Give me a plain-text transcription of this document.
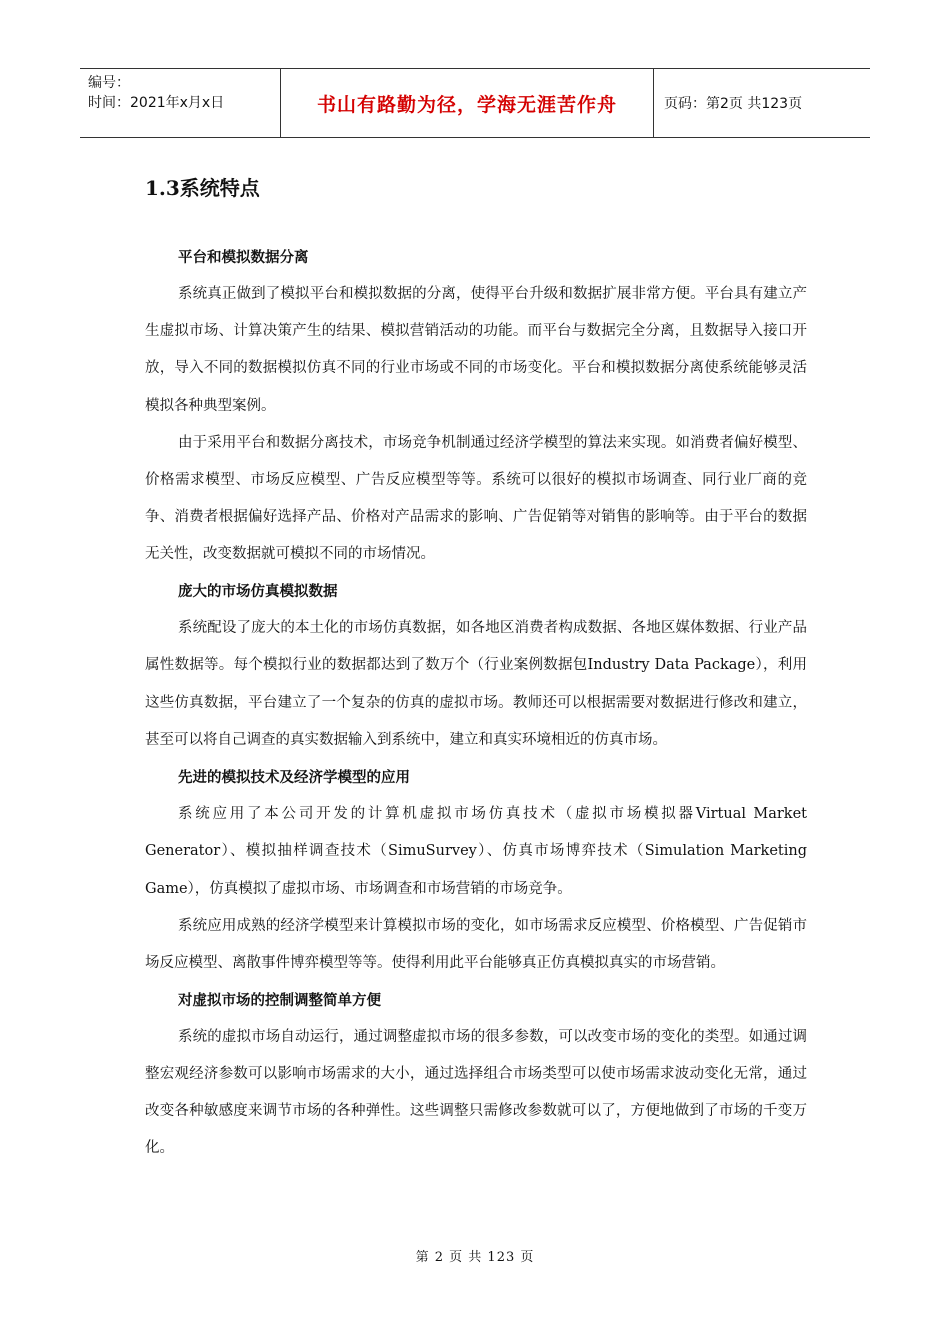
编号：
时间：2021年x月x日	书山有路勤为径，学海无涯苦作舟	页码：第2页 共123页
1.3系统特点
平台和模拟数据分离

系统真正做到了模拟平台和模拟数据的分离，使得平台升级和数据扩展非常方便。平台具有建立产生虚拟市场、计算决策产生的结果、模拟营销活动的功能。而平台与数据完全分离，且数据导入接口开放，导入不同的数据模拟仿真不同的行业市场或不同的市场变化。平台和模拟数据分离使系统能够灵活模拟各种典型案例。

由于采用平台和数据分离技术，市场竞争机制通过经济学模型的算法来实现。如消费者偏好模型、价格需求模型、市场反应模型、广告反应模型等等。系统可以很好的模拟市场调查、同行业厂商的竞争、消费者根据偏好选择产品、价格对产品需求的影响、广告促销等对销售的影响等。由于平台的数据无关性，改变数据就可模拟不同的市场情况。

庞大的市场仿真模拟数据

系统配设了庞大的本土化的市场仿真数据，如各地区消费者构成数据、各地区媒体数据、行业产品属性数据等。每个模拟行业的数据都达到了数万个（行业案例数据包Industry Data Package），利用这些仿真数据，平台建立了一个复杂的仿真的虚拟市场。教师还可以根据需要对数据进行修改和建立，甚至可以将自己调查的真实数据输入到系统中，建立和真实环境相近的仿真市场。

先进的模拟技术及经济学模型的应用

系统应用了本公司开发的计算机虚拟市场仿真技术（虚拟市场模拟器Virtual Market Generator）、模拟抽样调查技术（SimuSurvey）、仿真市场博弈技术（Simulation Marketing Game），仿真模拟了虚拟市场、市场调查和市场营销的市场竞争。

系统应用成熟的经济学模型来计算模拟市场的变化，如市场需求反应模型、价格模型、广告促销市场反应模型、离散事件博弈模型等等。使得利用此平台能够真正仿真模拟真实的市场营销。

对虚拟市场的控制调整简单方便

系统的虚拟市场自动运行，通过调整虚拟市场的很多参数，可以改变市场的变化的类型。如通过调整宏观经济参数可以影响市场需求的大小，通过选择组合市场类型可以使市场需求波动变化无常，通过改变各种敏感度来调节市场的各种弹性。这些调整只需修改参数就可以了，方便地做到了市场的千变万化。

第 2 页 共 123 页
